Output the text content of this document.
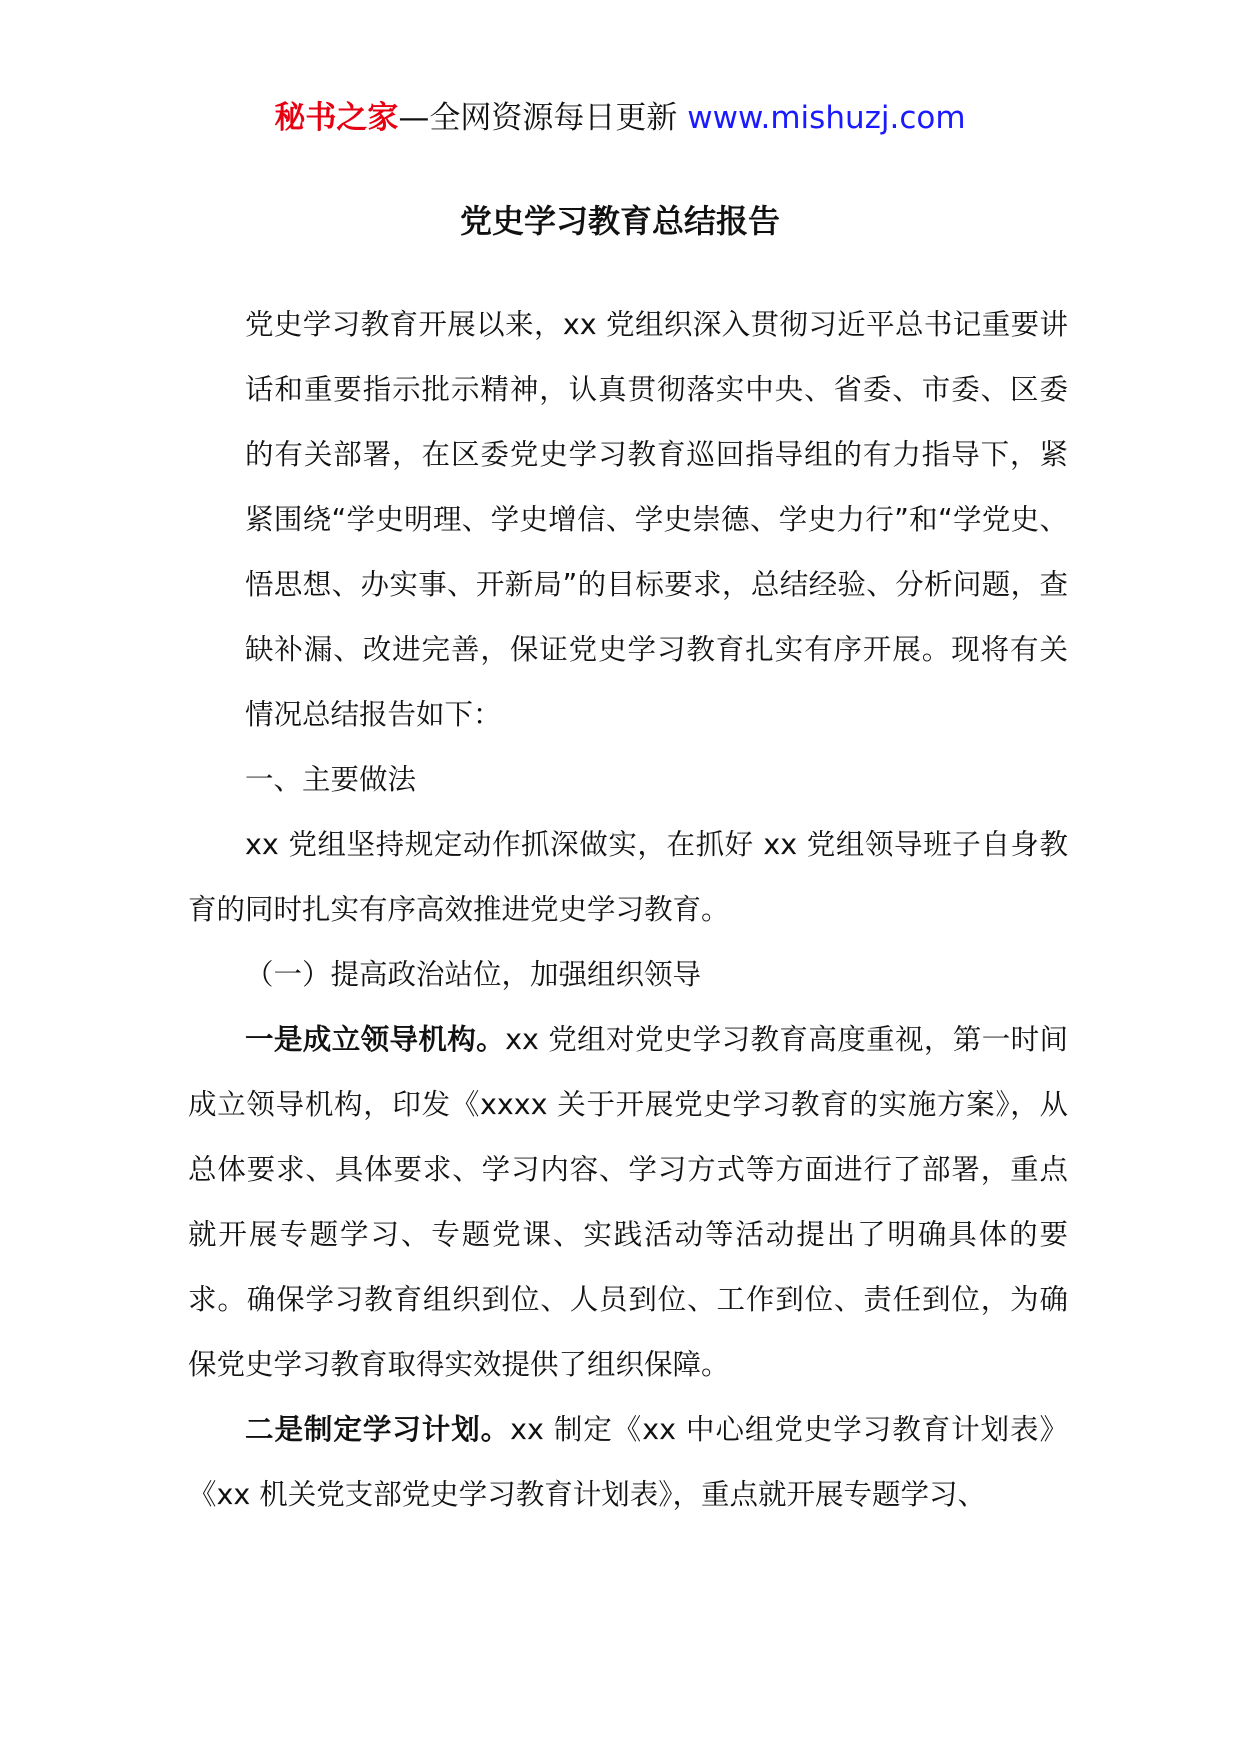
秘书之家—全网资源每日更新 www.mishuzj.com
党史学习教育总结报告

党史学习教育开展以来，xx 党组织深入贯彻习近平总书记重要讲话和重要指示批示精神，认真贯彻落实中央、省委、市委、区委的有关部署，在区委党史学习教育巡回指导组的有力指导下，紧紧围绕“学史明理、学史增信、学史崇德、学史力行”和“学党史、悟思想、办实事、开新局”的目标要求，总结经验、分析问题，查缺补漏、改进完善，保证党史学习教育扎实有序开展。现将有关情况总结报告如下：

一、主要做法

xx 党组坚持规定动作抓深做实，在抓好 xx 党组领导班子自身教育的同时扎实有序高效推进党史学习教育。

（一）提高政治站位，加强组织领导

一是成立领导机构。xx 党组对党史学习教育高度重视，第一时间成立领导机构，印发《xxxx 关于开展党史学习教育的实施方案》，从总体要求、具体要求、学习内容、学习方式等方面进行了部署，重点就开展专题学习、专题党课、实践活动等活动提出了明确具体的要求。确保学习教育组织到位、人员到位、工作到位、责任到位，为确保党史学习教育取得实效提供了组织保障。

二是制定学习计划。xx 制定《xx 中心组党史学习教育计划表》《xx 机关党支部党史学习教育计划表》，重点就开展专题学习、
